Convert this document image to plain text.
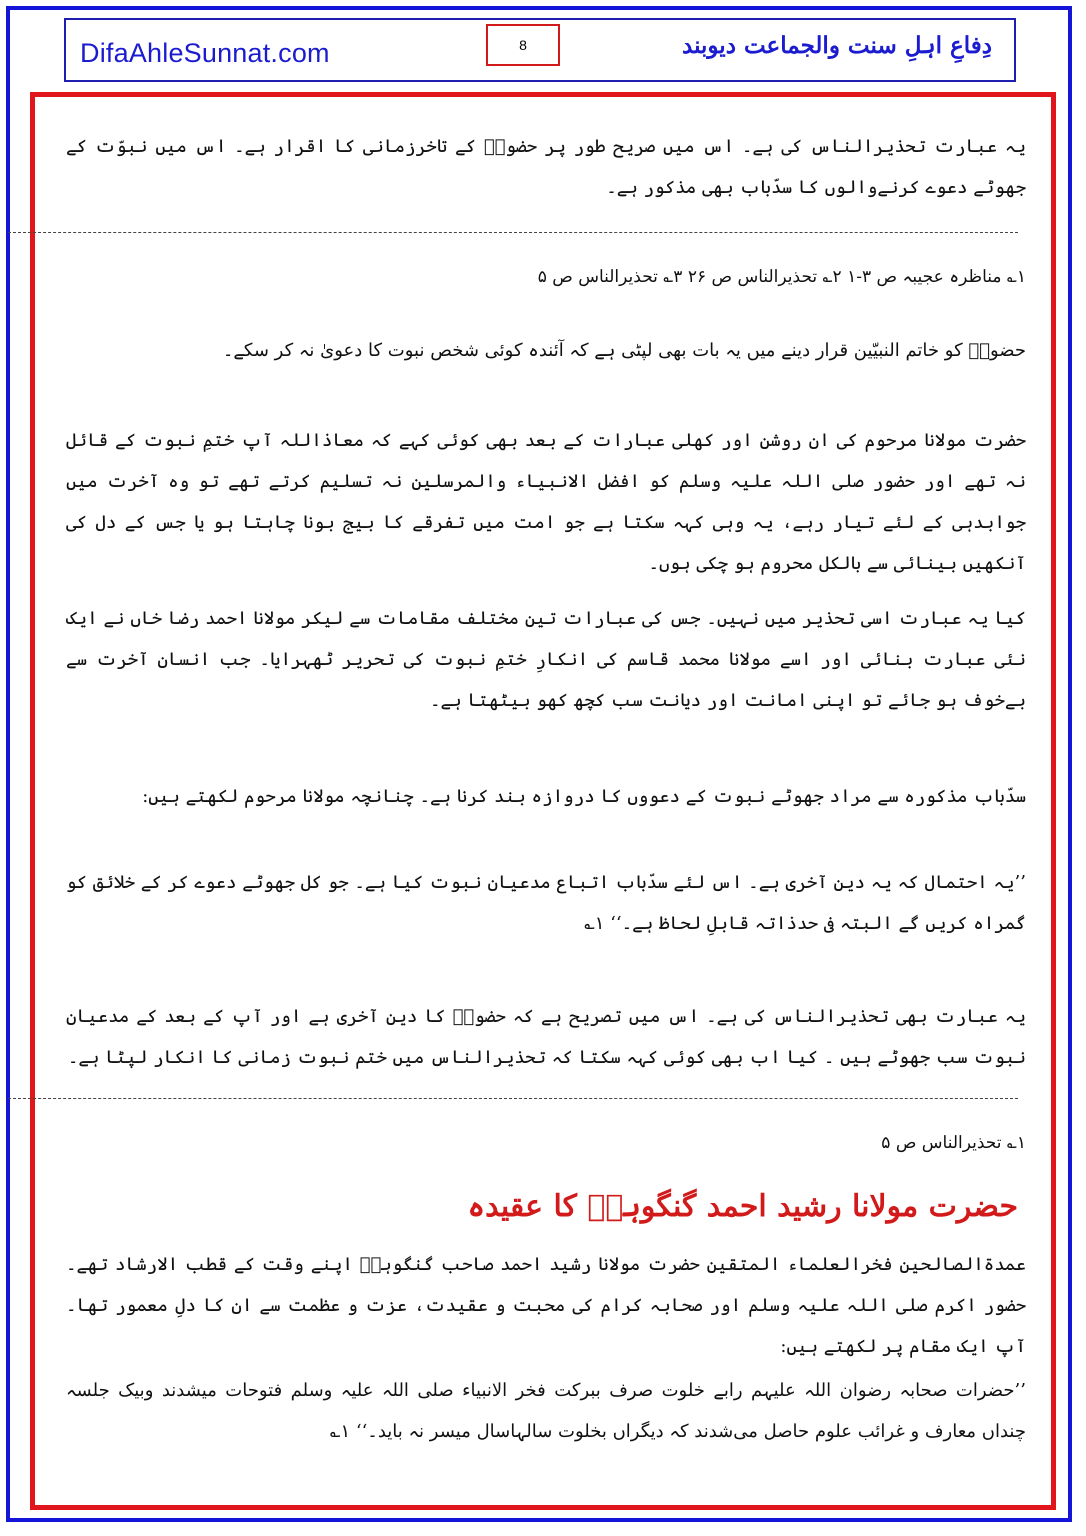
DifaAhleSunnat.com	8	دِفاعِ اہلِ سنت والجماعت دیوبند
یہ عبارت تحذیرالناس کی ہے۔ اس میں صریح طور پر حضورؐ کے تاخرزمانی کا اقرار ہے۔ اس میں نبوّت کے جھوٹے دعوے کرنےوالوں کا سدّباب بھی مذکور ہے۔
۱؎ مناظرہ عجیبہ ص ۳-۱ ۲؎ تحذیرالناس ص ۲۶ ۳؎ تحذیرالناس ص ۵
حضورؐ کو خاتم النبیّین قرار دینے میں یہ بات بھی لپٹی ہے کہ آئندہ کوئی شخص نبوت کا دعویٰ نہ کر سکے۔
حضرت مولانا مرحوم کی ان روشن اور کھلی عبارات کے بعد بھی کوئی کہے کہ معاذاللہ آپ ختمِ نبوت کے قائل نہ تھے اور حضور صلی اللہ علیہ وسلم کو افضل الانبیاء والمرسلین نہ تسلیم کرتے تھے تو وہ آخرت میں جوابدہی کے لئے تیار رہے، یہ وہی کہہ سکتا ہے جو امت میں تفرقے کا بیج بونا چاہتا ہو یا جس کے دل کی آنکھیں بینائی سے بالکل محروم ہو چکی ہوں۔
کیا یہ عبارت اسی تحذیر میں نہیں۔ جس کی عبارات تین مختلف مقامات سے لیکر مولانا احمد رضا خاں نے ایک نئی عبارت بنائی اور اسے مولانا محمد قاسم کی انکارِ ختمِ نبوت کی تحریر ٹھہرایا۔ جب انسان آخرت سے بےخوف ہو جائے تو اپنی امانت اور دیانت سب کچھ کھو بیٹھتا ہے۔
سدّباب مذکورہ سے مراد جھوٹے نبوت کے دعووں کا دروازہ بند کرنا ہے۔ چنانچہ مولانا مرحوم لکھتے ہیں:
’’یہ احتمال کہ یہ دین آخری ہے۔ اس لئے سدّباب اتباع مدعیان نبوت کیا ہے۔ جو کل جھوٹے دعوے کر کے خلائق کو گمراہ کریں گے البتہ فی حدذاتہ قابلِ لحاظ ہے۔‘‘ ۱؎
یہ عبارت بھی تحذیرالناس کی ہے۔ اس میں تصریح ہے کہ حضورؐ کا دین آخری ہے اور آپ کے بعد کے مدعیان نبوت سب جھوٹے ہیں ۔ کیا اب بھی کوئی کہہ سکتا کہ تحذیرالناس میں ختم نبوت زمانی کا انکار لپٹا ہے۔
۱؎ تحذیرالناس ص ۵
حضرت مولانا رشید احمد گنگوہیؒ کا عقیدہ
عمدۃالصالحین فخرالعلماء المتقین حضرت مولانا رشید احمد صاحب گنگوہیؒ اپنے وقت کے قطب الارشاد تھے۔ حضور اکرم صلی اللہ علیہ وسلم اور صحابہ کرام کی محبت و عقیدت، عزت و عظمت سے ان کا دلِ معمور تھا۔ آپ ایک مقام پر لکھتے ہیں:
’’حضرات صحابہ رضوان اللہ علیہم رابے خلوت صرف ببرکت فخر الانبیاء صلی اللہ علیہ وسلم فتوحات میشدند وبیک جلسہ چنداں معارف و غرائب علوم حاصل می‌شدند کہ دیگراں بخلوت سالہاسال میسر نہ باید۔‘‘ ۱؎
